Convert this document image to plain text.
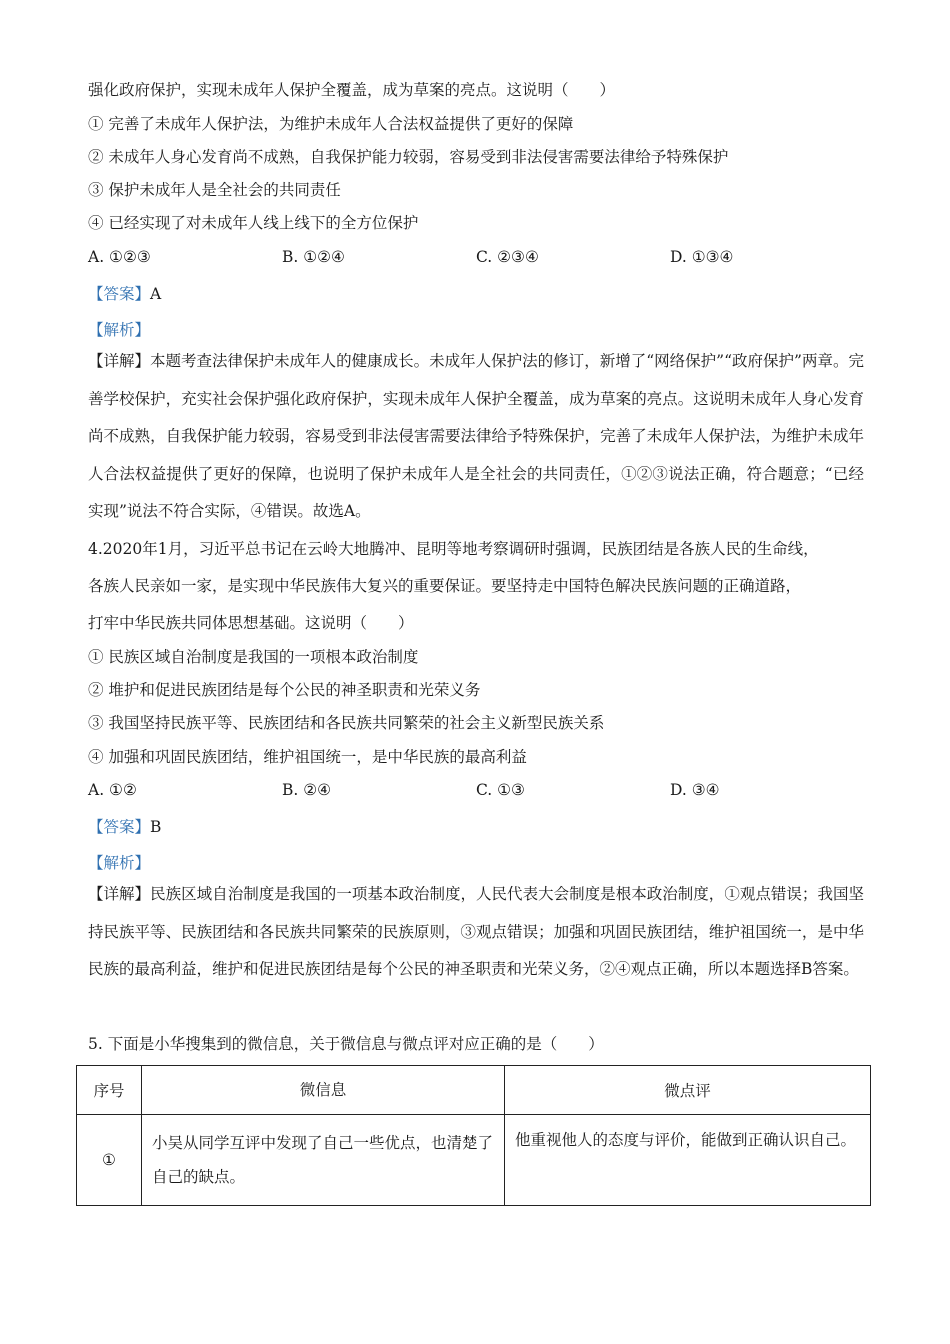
强化政府保护，实现未成年人保护全覆盖，成为草案的亮点。这说明（　　）
① 完善了未成年人保护法，为维护未成年人合法权益提供了更好的保障
② 未成年人身心发育尚不成熟，自我保护能力较弱，容易受到非法侵害需要法律给予特殊保护
③ 保护未成年人是全社会的共同责任
④ 已经实现了对未成年人线上线下的全方位保护
A. ①②③	B. ①②④	C. ②③④	D. ①③④
【答案】A
【解析】
【详解】本题考查法律保护未成年人的健康成长。未成年人保护法的修订，新增了“网络保护”“政府保护”两章。完善学校保护，充实社会保护强化政府保护，实现未成年人保护全覆盖，成为草案的亮点。这说明未成年人身心发育尚不成熟，自我保护能力较弱，容易受到非法侵害需要法律给予特殊保护，完善了未成年人保护法，为维护未成年人合法权益提供了更好的保障，也说明了保护未成年人是全社会的共同责任，①②③说法正确，符合题意；“已经实现”说法不符合实际，④错误。故选A。
4.2020年1月，习近平总书记在云岭大地腾冲、昆明等地考察调研时强调，民族团结是各族人民的生命线，
各族人民亲如一家，是实现中华民族伟大复兴的重要保证。要坚持走中国特色解决民族问题的正确道路，
打牢中华民族共同体思想基础。这说明（　　）
① 民族区域自治制度是我国的一项根本政治制度
② 堆护和促进民族团结是每个公民的神圣职责和光荣义务
③ 我国坚持民族平等、民族团结和各民族共同繁荣的社会主义新型民族关系
④ 加强和巩固民族团结，维护祖国统一，是中华民族的最高利益
A. ①②	B. ②④	C. ①③	D. ③④
【答案】B
【解析】
【详解】民族区域自治制度是我国的一项基本政治制度，人民代表大会制度是根本政治制度，①观点错误；我国坚持民族平等、民族团结和各民族共同繁荣的民族原则，③观点错误；加强和巩固民族团结，维护祖国统一，是中华民族的最高利益，维护和促进民族团结是每个公民的神圣职责和光荣义务，②④观点正确，所以本题选择B答案。
5. 下面是小华搜集到的微信息，关于微信息与微点评对应正确的是（　　）
序号	微信息	微点评
①	小吴从同学互评中发现了自己一些优点，也清楚了自己的缺点。	他重视他人的态度与评价，能做到正确认识自己。
